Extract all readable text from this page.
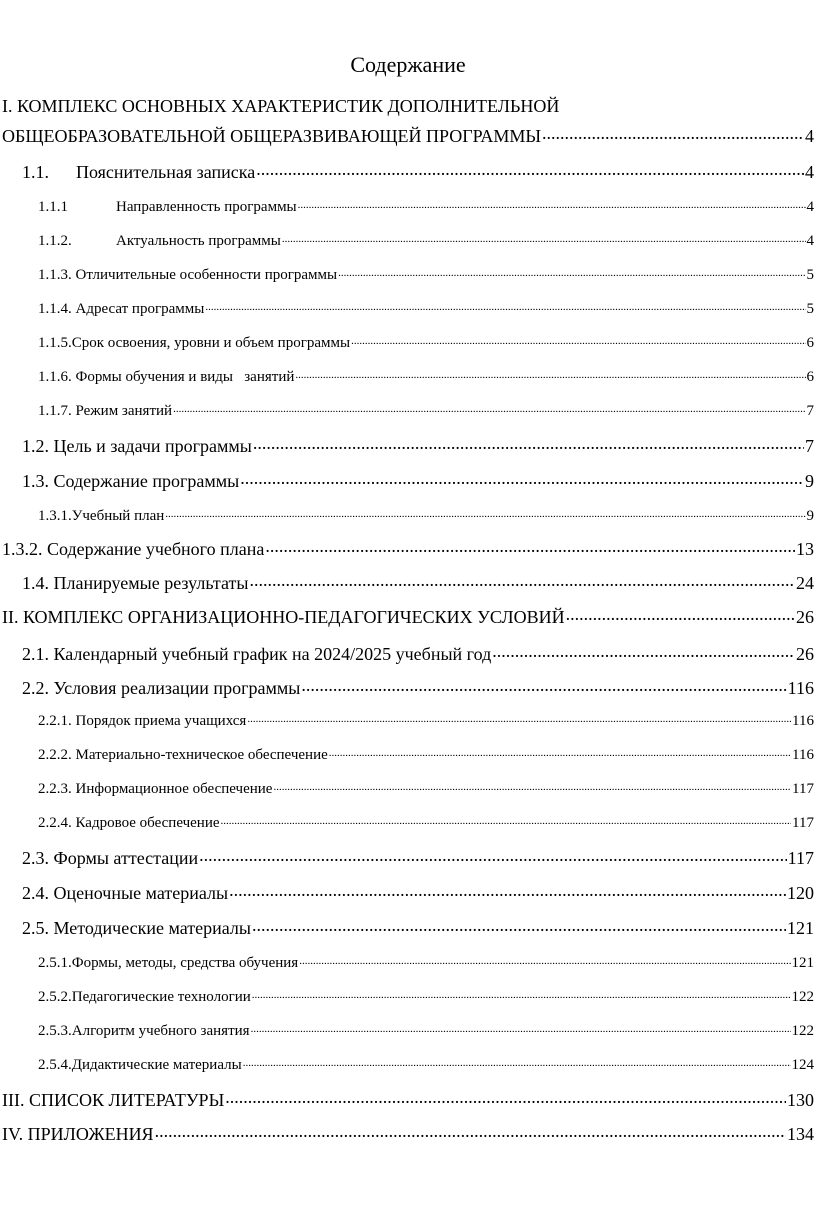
Содержание
I. КОМПЛЕКС ОСНОВНЫХ ХАРАКТЕРИСТИК ДОПОЛНИТЕЛЬНОЙ
ОБЩЕОБРАЗОВАТЕЛЬНОЙ ОБЩЕРАЗВИВАЮЩЕЙ ПРОГРАММЫ .....	4
1.1.	Пояснительная записка .....	4
1.1.1	Направленность программы .....	4
1.1.2.	Актуальность программы .....	4
1.1.3. Отличительные особенности программы .....	5
1.1.4. Адресат программы .....	5
1.1.5.Срок освоения, уровни и объем программы .....	6
1.1.6. Формы обучения и виды   занятий .....	6
1.1.7. Режим занятий .....	7
1.2. Цель и задачи программы .....	7
1.3. Содержание программы .....	9
1.3.1.Учебный план .....	9
1.3.2. Содержание учебного плана .....	13
1.4. Планируемые результаты .....	24
II. КОМПЛЕКС ОРГАНИЗАЦИОННО-ПЕДАГОГИЧЕСКИХ УСЛОВИЙ .....	26
2.1. Календарный учебный график на 2024/2025 учебный год .....	26
2.2. Условия реализации программы .....	116
2.2.1. Порядок приема учащихся .....	116
2.2.2. Материально-техническое обеспечение .....	116
2.2.3. Информационное обеспечение .....	117
2.2.4. Кадровое обеспечение .....	117
2.3. Формы аттестации .....	117
2.4. Оценочные материалы .....	120
2.5. Методические материалы .....	121
2.5.1.Формы, методы, средства обучения .....	121
2.5.2.Педагогические технологии .....	122
2.5.3.Алгоритм учебного занятия .....	122
2.5.4.Дидактические материалы .....	124
III. СПИСОК ЛИТЕРАТУРЫ .....	130
IV. ПРИЛОЖЕНИЯ .....	134
